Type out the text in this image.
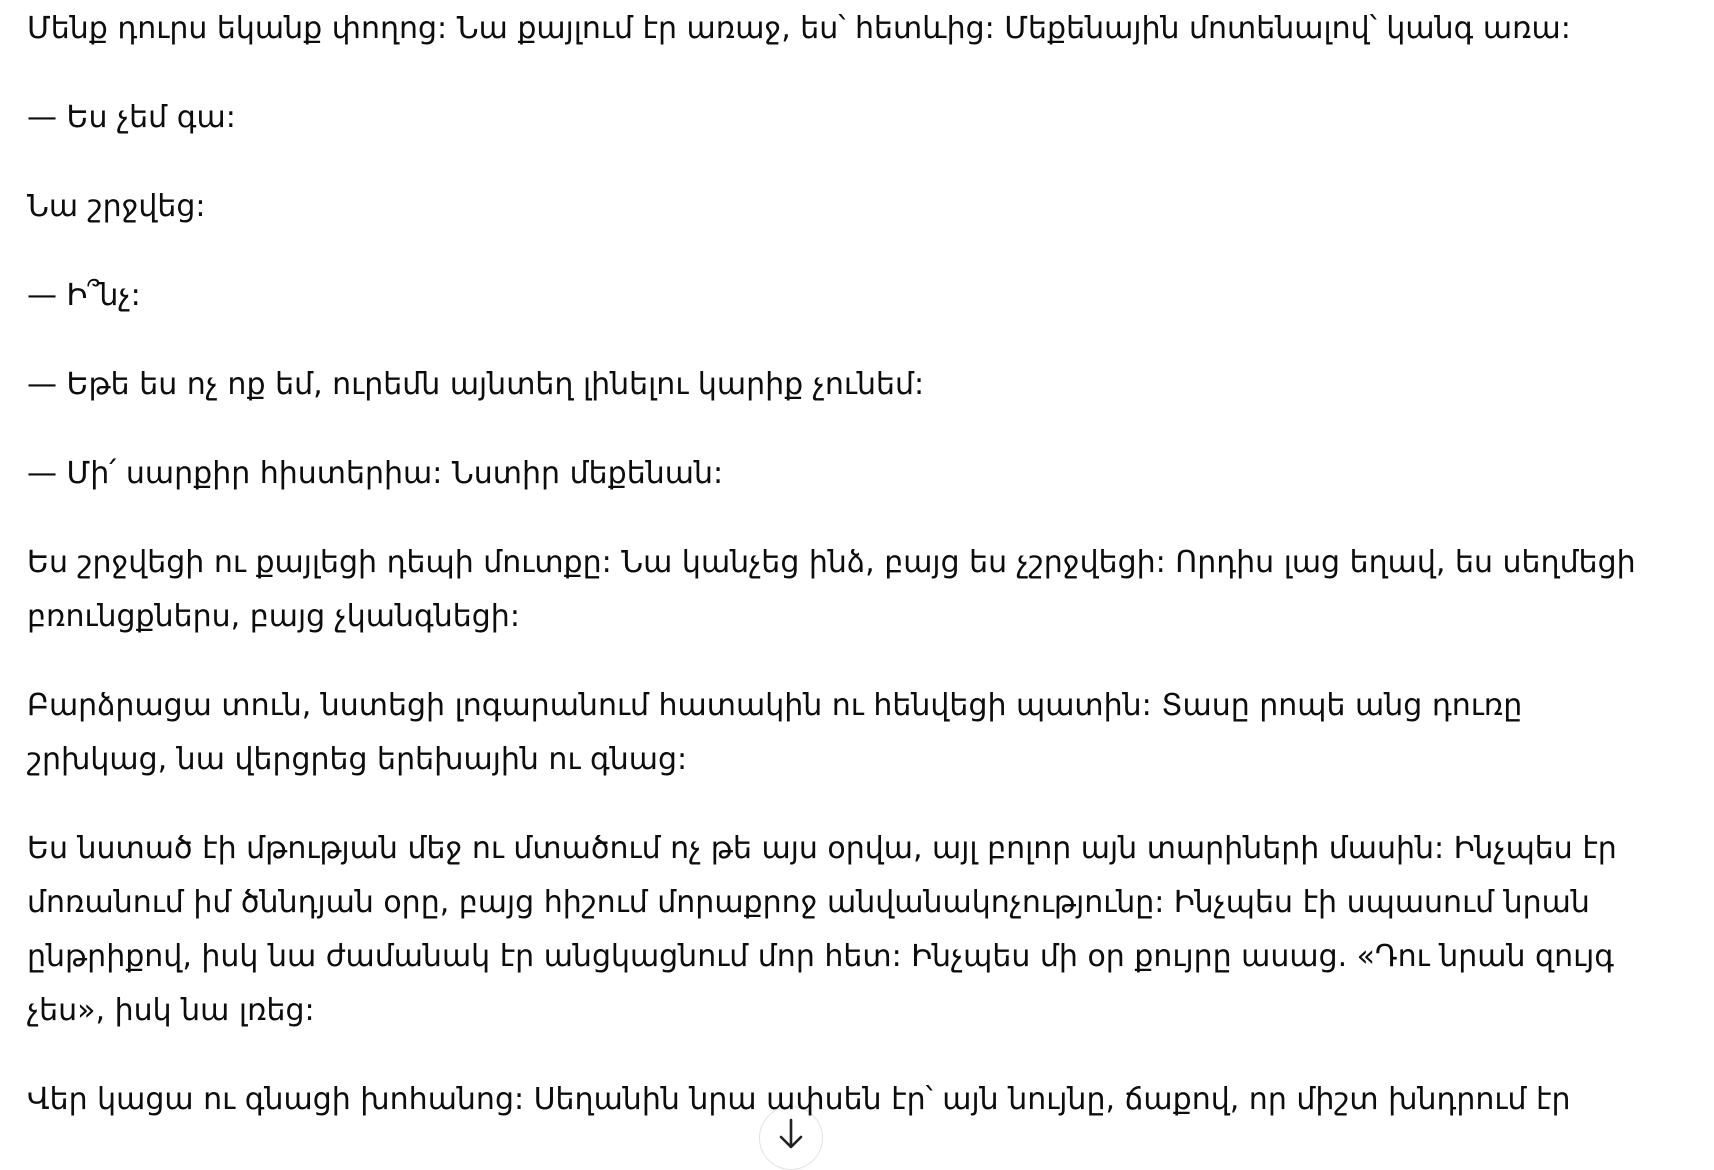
Մենք դուրս եկանք փողոց: Նա քայլում էր առաջ, ես՝ հետևից: Մեքենային մոտենալով՝ կանգ առա:
— Ես չեմ գա:
Նա շրջվեց:
— Ի՞նչ:
— Եթե ես ոչ ոք եմ, ուրեմն այնտեղ լինելու կարիք չունեմ:
— Մի՛ սարքիր հիստերիա: Նստիր մեքենան:
Ես շրջվեցի ու քայլեցի դեպի մուտքը: Նա կանչեց ինձ, բայց ես չշրջվեցի: Որդիս լաց եղավ, ես սեղմեցի
բռունցքներս, բայց չկանգնեցի:
Բարձրացա տուն, նստեցի լոգարանում հատակին ու հենվեցի պատին: Տասը րոպե անց դուռը
շրխկաց, նա վերցրեց երեխային ու գնաց:
Ես նստած էի մթության մեջ ու մտածում ոչ թե այս օրվա, այլ բոլոր այն տարիների մասին: Ինչպես էր
մոռանում իմ ծննդյան օրը, բայց հիշում մորաքրոջ անվանակոչությունը: Ինչպես էի սպասում նրան
ընթրիքով, իսկ նա ժամանակ էր անցկացնում մոր հետ: Ինչպես մի օր քույրը ասաց. «Դու նրան զույգ
չես», իսկ նա լռեց:
Վեր կացա ու գնացի խոհանոց: Սեղանին նրա ափսեն էր՝ այն նույնը, ճաքով, որ միշտ խնդրում էր
